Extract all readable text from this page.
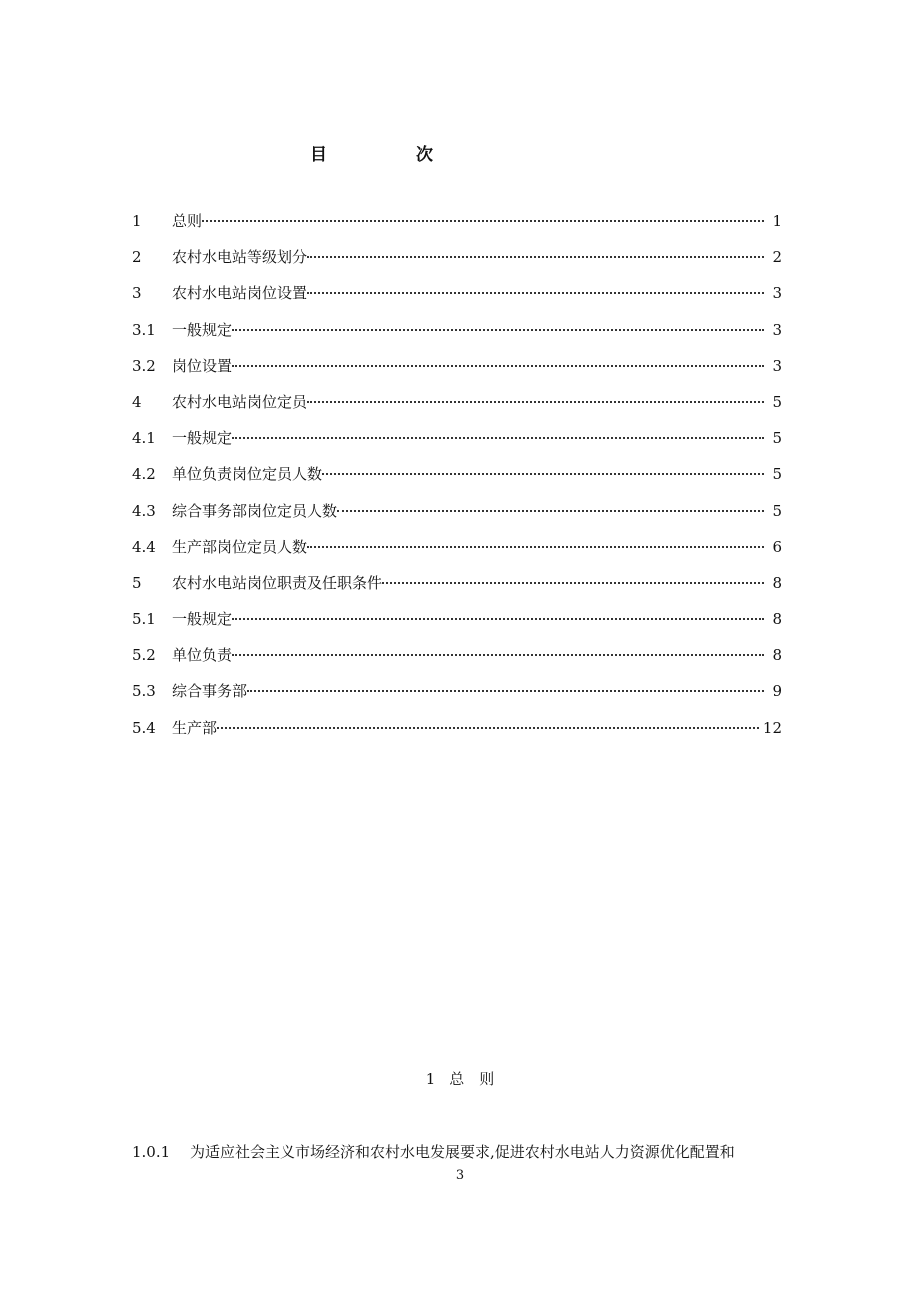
目　次
1	总则	1
2	农村水电站等级划分	2
3	农村水电站岗位设置	3
3.1	一般规定	3
3.2	岗位设置	3
4	农村水电站岗位定员	5
4.1	一般规定	5
4.2	单位负责岗位定员人数	5
4.3	综合事务部岗位定员人数	5
4.4	生产部岗位定员人数	6
5	农村水电站岗位职责及任职条件	8
5.1	一般规定	8
5.2	单位负责	8
5.3	综合事务部	9
5.4	生产部	12
1 总　则
1.0.1 为适应社会主义市场经济和农村水电发展要求,促进农村水电站人力资源优化配置和
3
